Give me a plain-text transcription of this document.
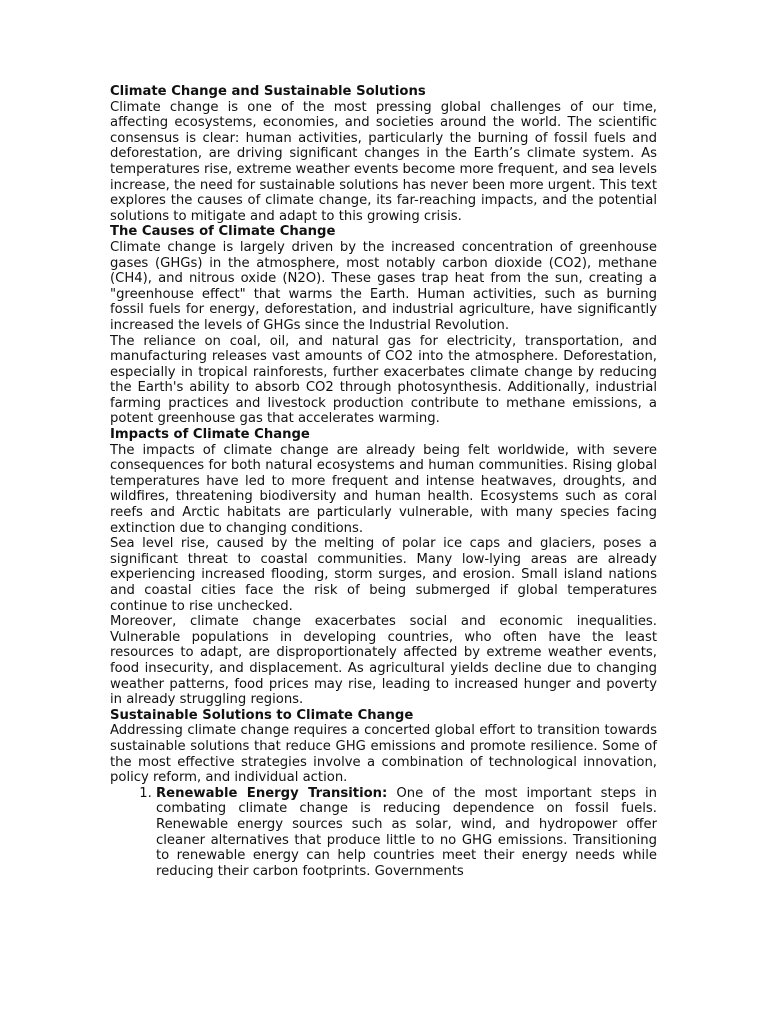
Climate Change and Sustainable Solutions

Climate change is one of the most pressing global challenges of our time, affecting ecosystems, economies, and societies around the world. The scientific consensus is clear: human activities, particularly the burning of fossil fuels and deforestation, are driving significant changes in the Earth’s climate system. As temperatures rise, extreme weather events become more frequent, and sea levels increase, the need for sustainable solutions has never been more urgent. This text explores the causes of climate change, its far-reaching impacts, and the potential solutions to mitigate and adapt to this growing crisis.

The Causes of Climate Change

Climate change is largely driven by the increased concentration of greenhouse gases (GHGs) in the atmosphere, most notably carbon dioxide (CO2), methane (CH4), and nitrous oxide (N2O). These gases trap heat from the sun, creating a "greenhouse effect" that warms the Earth. Human activities, such as burning fossil fuels for energy, deforestation, and industrial agriculture, have significantly increased the levels of GHGs since the Industrial Revolution.

The reliance on coal, oil, and natural gas for electricity, transportation, and manufacturing releases vast amounts of CO2 into the atmosphere. Deforestation, especially in tropical rainforests, further exacerbates climate change by reducing the Earth's ability to absorb CO2 through photosynthesis. Additionally, industrial farming practices and livestock production contribute to methane emissions, a potent greenhouse gas that accelerates warming.

Impacts of Climate Change

The impacts of climate change are already being felt worldwide, with severe consequences for both natural ecosystems and human communities. Rising global temperatures have led to more frequent and intense heatwaves, droughts, and wildfires, threatening biodiversity and human health. Ecosystems such as coral reefs and Arctic habitats are particularly vulnerable, with many species facing extinction due to changing conditions.

Sea level rise, caused by the melting of polar ice caps and glaciers, poses a significant threat to coastal communities. Many low-lying areas are already experiencing increased flooding, storm surges, and erosion. Small island nations and coastal cities face the risk of being submerged if global temperatures continue to rise unchecked.

Moreover, climate change exacerbates social and economic inequalities. Vulnerable populations in developing countries, who often have the least resources to adapt, are disproportionately affected by extreme weather events, food insecurity, and displacement. As agricultural yields decline due to changing weather patterns, food prices may rise, leading to increased hunger and poverty in already struggling regions.

Sustainable Solutions to Climate Change

Addressing climate change requires a concerted global effort to transition towards sustainable solutions that reduce GHG emissions and promote resilience. Some of the most effective strategies involve a combination of technological innovation, policy reform, and individual action.

1. Renewable Energy Transition: One of the most important steps in combating climate change is reducing dependence on fossil fuels. Renewable energy sources such as solar, wind, and hydropower offer cleaner alternatives that produce little to no GHG emissions. Transitioning to renewable energy can help countries meet their energy needs while reducing their carbon footprints. Governments
